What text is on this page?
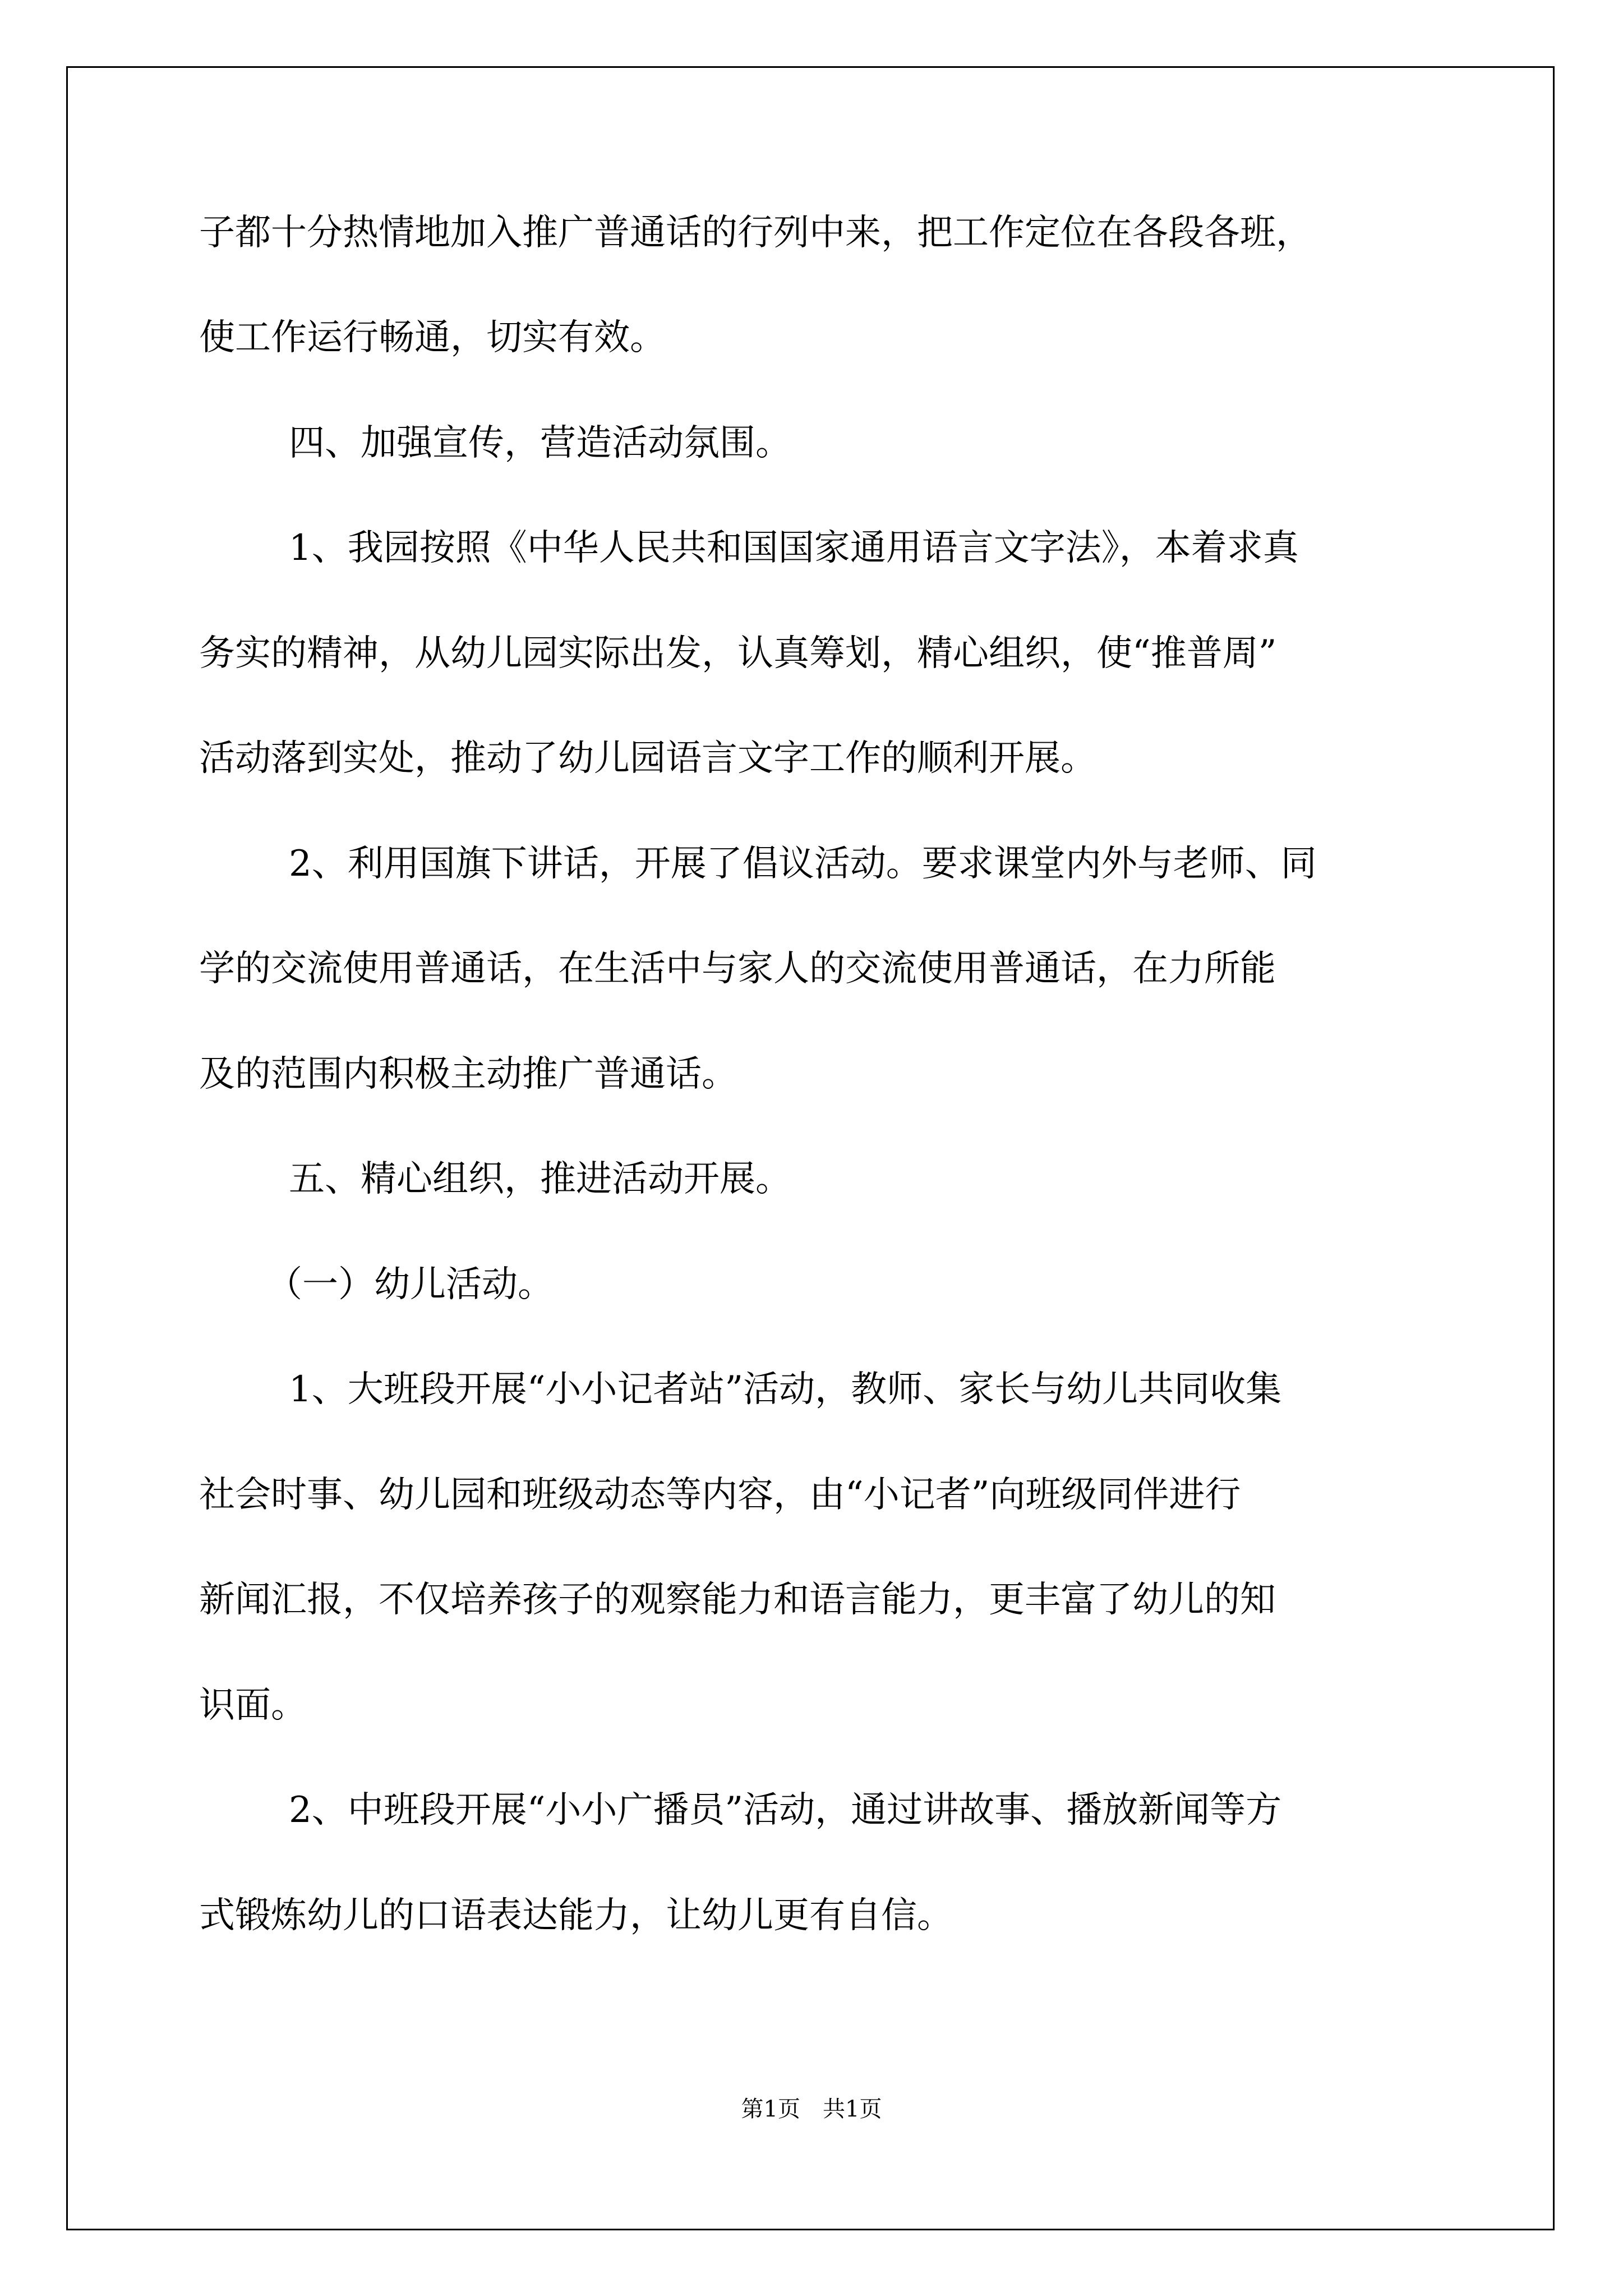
子都十分热情地加入推广普通话的行列中来，把工作定位在各段各班，
使工作运行畅通，切实有效。
四、加强宣传，营造活动氛围。
1、我园按照《中华人民共和国国家通用语言文字法》，本着求真
务实的精神，从幼儿园实际出发，认真筹划，精心组织，使“推普周”
活动落到实处，推动了幼儿园语言文字工作的顺利开展。
2、利用国旗下讲话，开展了倡议活动。要求课堂内外与老师、同
学的交流使用普通话，在生活中与家人的交流使用普通话，在力所能
及的范围内积极主动推广普通话。
五、精心组织，推进活动开展。
（一）幼儿活动。
1、大班段开展“小小记者站”活动，教师、家长与幼儿共同收集
社会时事、幼儿园和班级动态等内容，由“小记者”向班级同伴进行
新闻汇报，不仅培养孩子的观察能力和语言能力，更丰富了幼儿的知
识面。
2、中班段开展“小小广播员”活动，通过讲故事、播放新闻等方
式锻炼幼儿的口语表达能力，让幼儿更有自信。
第1页　共1页
